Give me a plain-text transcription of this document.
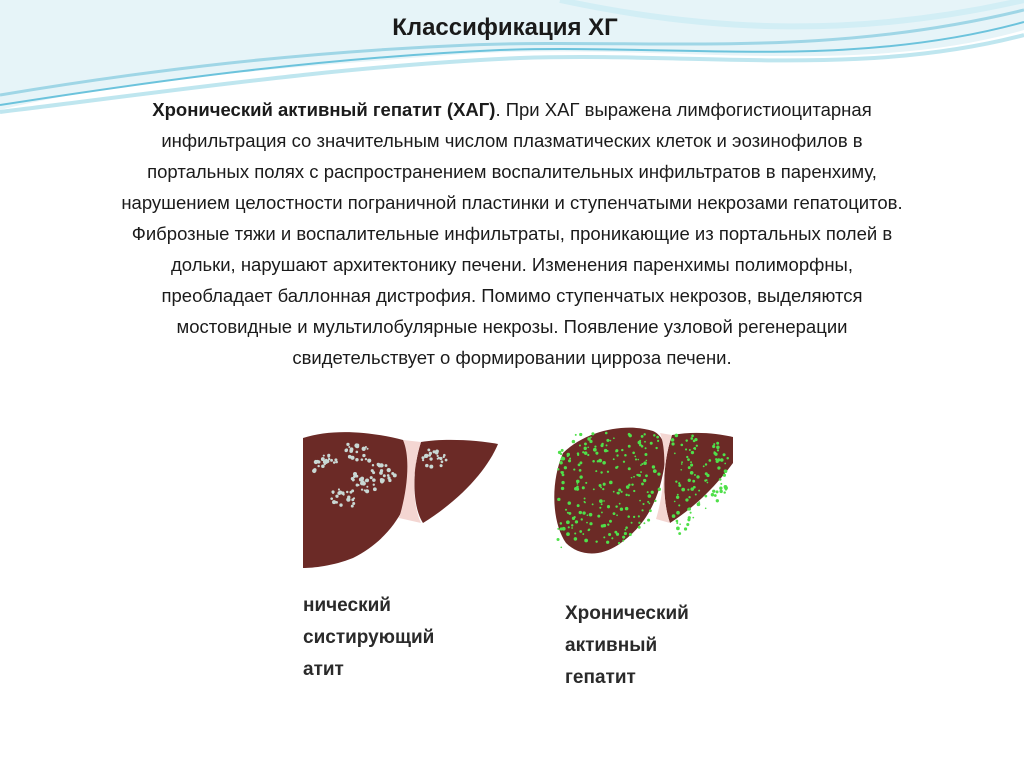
Классификация ХГ
Хронический активный гепатит (ХАГ). При ХАГ выражена лимфогистиоцитарная
инфильтрация со значительным числом плазматических клеток и эозинофилов в
портальных полях с распространением воспалительных инфильтратов в паренхиму,
нарушением целостности пограничной пластинки и ступенчатыми некрозами гепатоцитов.
Фиброзные тяжи и воспалительные инфильтраты, проникающие из портальных полей в
дольки, нарушают архитектонику печени. Изменения паренхимы полиморфны,
преобладает баллонная дистрофия. Помимо ступенчатых некрозов, выделяются
мостовидные и мультилобулярные некрозы. Появление узловой регенерации
свидетельствует о формировании цирроза печени.
нический
систирующий
атит
Хронический
активный
гепатит
